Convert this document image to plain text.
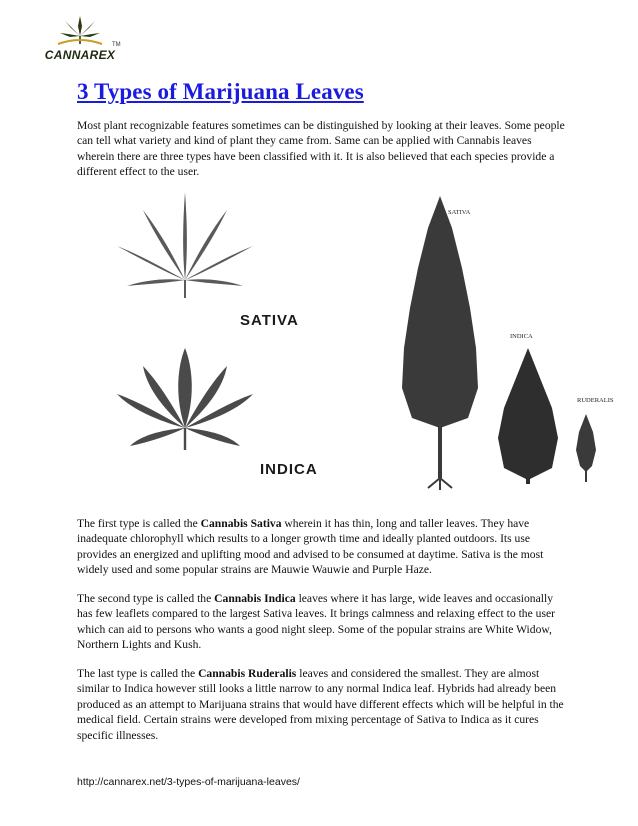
CANNAREX
TM
3 Types of Marijuana Leaves

Most plant recognizable features sometimes can be distinguished by looking at their leaves. Some people can tell what variety and kind of plant they came from. Same can be applied with Cannabis leaves wherein there are three types have been classified with it. It is also believed that each species provide a different effect to the user.

SATIVA
INDICA
SATIVA
INDICA
RUDERALIS

The first type is called the Cannabis Sativa wherein it has thin, long and taller leaves. They have inadequate chlorophyll which results to a longer growth time and ideally planted outdoors. Its use provides an energized and uplifting mood and advised to be consumed at daytime. Sativa is the most widely used and some popular strains are Mauwie Wauwie and Purple Haze.

The second type is called the Cannabis Indica leaves where it has large, wide leaves and occasionally has few leaflets compared to the largest Sativa leaves. It brings calmness and relaxing effect to the user which can aid to persons who wants a good night sleep. Some of the popular strains are White Widow, Northern Lights and Kush.

The last type is called the Cannabis Ruderalis leaves and considered the smallest. They are almost similar to Indica however still looks a little narrow to any normal Indica leaf. Hybrids had already been produced as an attempt to Marijuana strains that would have different effects which will be helpful in the medical field. Certain strains were developed from mixing percentage of Sativa to Indica as it cures specific illnesses.

http://cannarex.net/3-types-of-marijuana-leaves/
